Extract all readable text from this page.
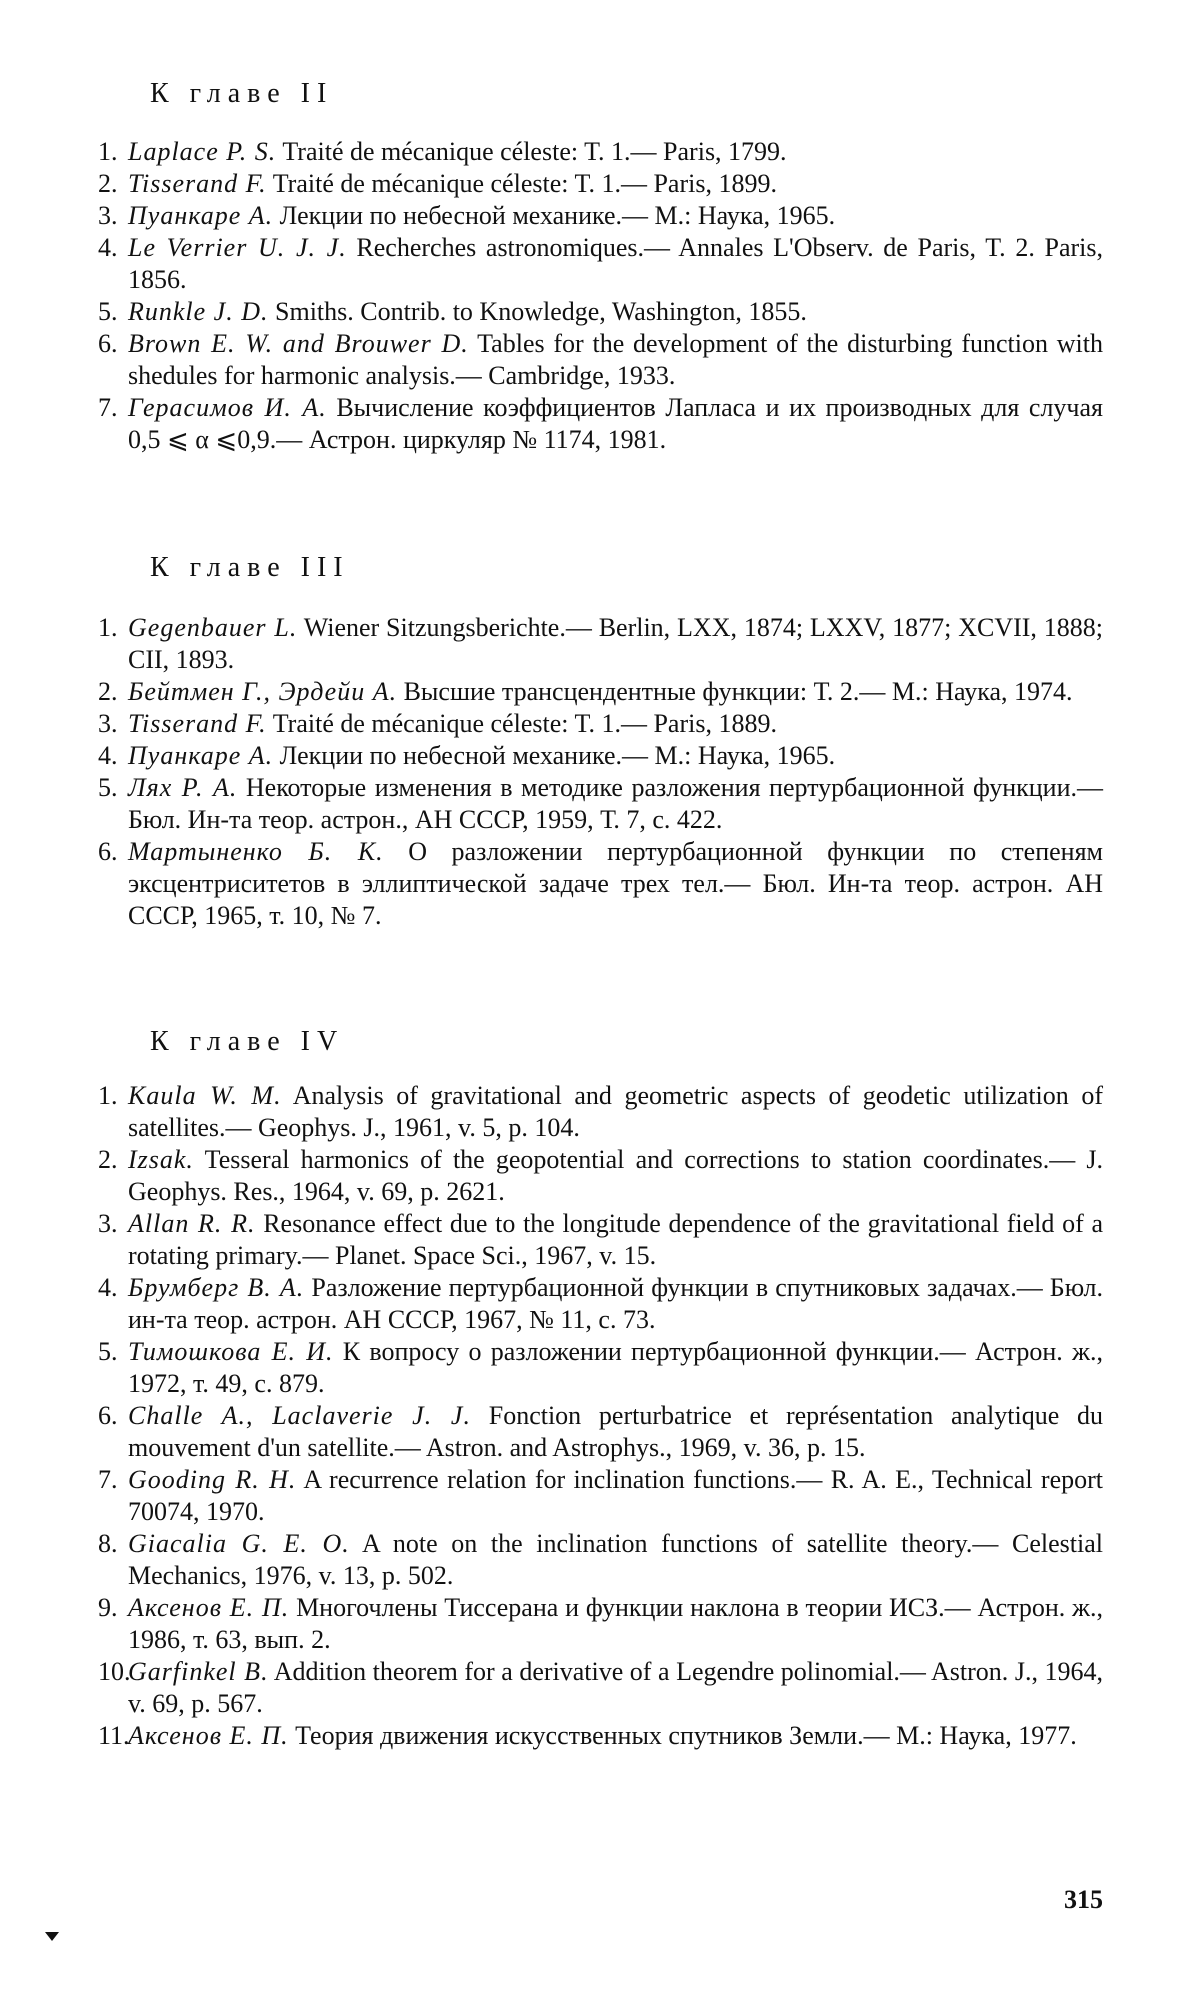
К главе II
1. Laplace P. S. Traité de mécanique céleste: T. 1.— Paris, 1799.
2. Tisserand F. Traité de mécanique céleste: T. 1.— Paris, 1899.
3. Пуанкаре А. Лекции по небесной механике.— М.: Наука, 1965.
4. Le Verrier U. J. J. Recherches astronomiques.— Annales L'Observ. de Paris, T. 2. Paris, 1856.
5. Runkle J. D. Smiths. Contrib. to Knowledge, Washington, 1855.
6. Brown E. W. and Brouwer D. Tables for the development of the disturbing function with shedules for harmonic analysis.— Cambridge, 1933.
7. Герасимов И. А. Вычисление коэффициентов Лапласа и их производных для случая 0,5 ⩽ α ⩽0,9.— Астрон. циркуляр № 1174, 1981.
К главе III
1. Gegenbauer L. Wiener Sitzungsberichte.— Berlin, LXX, 1874; LXXV, 1877; XCVII, 1888; CII, 1893.
2. Бейтмен Г., Эрдейи А. Высшие трансцендентные функции: Т. 2.— М.: Наука, 1974.
3. Tisserand F. Traité de mécanique céleste: T. 1.— Paris, 1889.
4. Пуанкаре А. Лекции по небесной механике.— М.: Наука, 1965.
5. Лях Р. А. Некоторые изменения в методике разложения пертурбационной функции.— Бюл. Ин-та теор. астрон., АН СССР, 1959, Т. 7, с. 422.
6. Мартыненко Б. К. О разложении пертурбационной функции по степеням эксцентриситетов в эллиптической задаче трех тел.— Бюл. Ин-та теор. астрон. АН СССР, 1965, т. 10, № 7.
К главе IV
1. Kaula W. M. Analysis of gravitational and geometric aspects of geodetic utilization of satellites.— Geophys. J., 1961, v. 5, p. 104.
2. Izsak. Tesseral harmonics of the geopotential and corrections to station coordinates.— J. Geophys. Res., 1964, v. 69, p. 2621.
3. Allan R. R. Resonance effect due to the longitude dependence of the gravitational field of a rotating primary.— Planet. Space Sci., 1967, v. 15.
4. Брумберг В. А. Разложение пертурбационной функции в спутниковых задачах.— Бюл. ин-та теор. астрон. АН СССР, 1967, № 11, с. 73.
5. Тимошкова Е. И. К вопросу о разложении пертурбационной функции.— Астрон. ж., 1972, т. 49, с. 879.
6. Challe A., Laclaverie J. J. Fonction perturbatrice et représentation analytique du mouvement d'un satellite.— Astron. and Astrophys., 1969, v. 36, p. 15.
7. Gooding R. H. A recurrence relation for inclination functions.— R. A. E., Technical report 70074, 1970.
8. Giacalia G. E. O. A note on the inclination functions of satellite theory.— Celestial Mechanics, 1976, v. 13, p. 502.
9. Аксенов Е. П. Многочлены Тиссерана и функции наклона в теории ИСЗ.— Астрон. ж., 1986, т. 63, вып. 2.
10.
Garfinkel B. Addition theorem for a derivative of a Legendre polinomial.— Astron. J., 1964, v. 69, p. 567.
11.
Аксенов Е. П. Теория движения искусственных спутников Земли.— М.: Наука, 1977.
315
